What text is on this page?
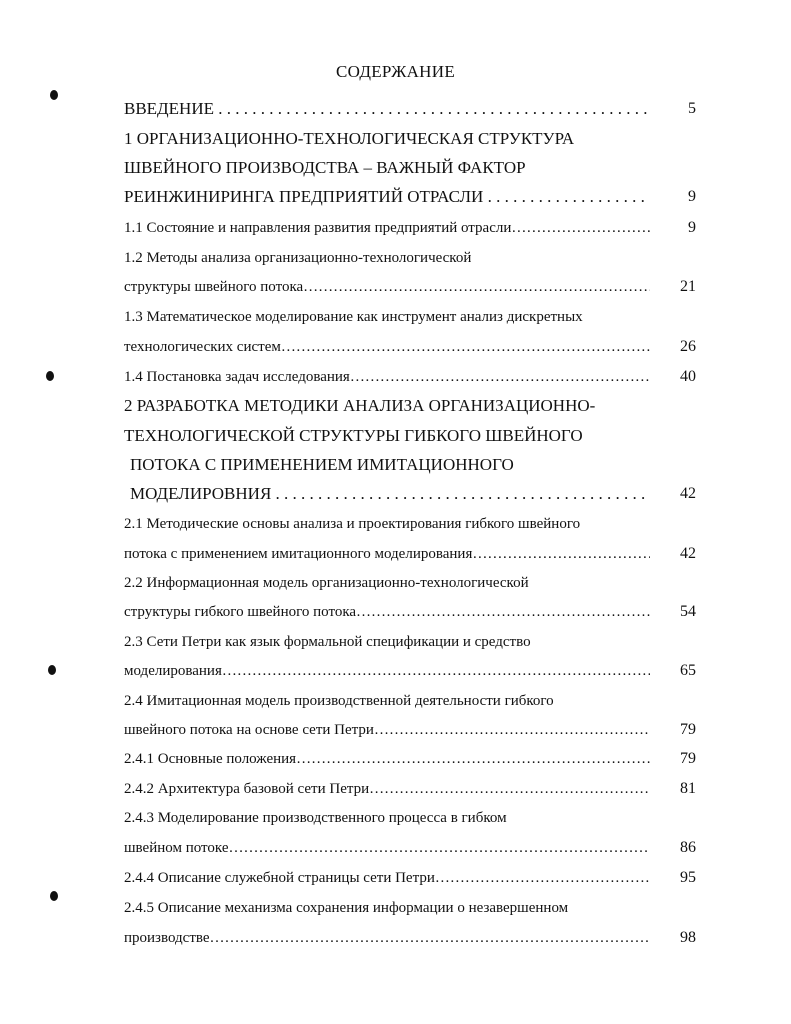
СОДЕРЖАНИЕ
ВВЕДЕНИЕ . . .	5
1 ОРГАНИЗАЦИОННО-ТЕХНОЛОГИЧЕСКАЯ СТРУКТУРА
ШВЕЙНОГО ПРОИЗВОДСТВА – ВАЖНЫЙ ФАКТОР
РЕИНЖИНИРИНГА ПРЕДПРИЯТИЙ ОТРАСЛИ . . .	9
1.1 Состояние и направления развития предприятий отрасли ………………………………………………………………………………………………………………………………………………………………………………	9
1.2 Методы анализа организационно-технологической
структуры швейного потока ………………………………………………………………………………………………………………………………………………………………………………	21
1.3 Математическое моделирование как инструмент анализ дискретных
технологических систем ………………………………………………………………………………………………………………………………………………………………………………	26
1.4 Постановка задач исследования ………………………………………………………………………………………………………………………………………………………………………………	40
2 РАЗРАБОТКА МЕТОДИКИ АНАЛИЗА ОРГАНИЗАЦИОННО-
ТЕХНОЛОГИЧЕСКОЙ СТРУКТУРЫ ГИБКОГО ШВЕЙНОГО
ПОТОКА С ПРИМЕНЕНИЕМ ИМИТАЦИОННОГО
МОДЕЛИРОВНИЯ . . .	42
2.1 Методические основы анализа и проектирования гибкого швейного
потока с применением имитационного моделирования ………………………………………………………………………………………………………………………………………………………………………………	42
2.2 Информационная модель организационно-технологической
структуры гибкого швейного потока ………………………………………………………………………………………………………………………………………………………………………………	54
2.3 Сети Петри как язык формальной спецификации и средство
моделирования ………………………………………………………………………………………………………………………………………………………………………………	65
2.4 Имитационная модель производственной деятельности гибкого
швейного потока на основе сети Петри ………………………………………………………………………………………………………………………………………………………………………………	79
2.4.1 Основные положения ………………………………………………………………………………………………………………………………………………………………………………	79
2.4.2 Архитектура базовой сети Петри ………………………………………………………………………………………………………………………………………………………………………………	81
2.4.3 Моделирование производственного процесса в гибком
швейном потоке ………………………………………………………………………………………………………………………………………………………………………………	86
2.4.4 Описание служебной страницы сети Петри ………………………………………………………………………………………………………………………………………………………………………………	95
2.4.5 Описание механизма сохранения информации о незавершенном
производстве ………………………………………………………………………………………………………………………………………………………………………………	98
